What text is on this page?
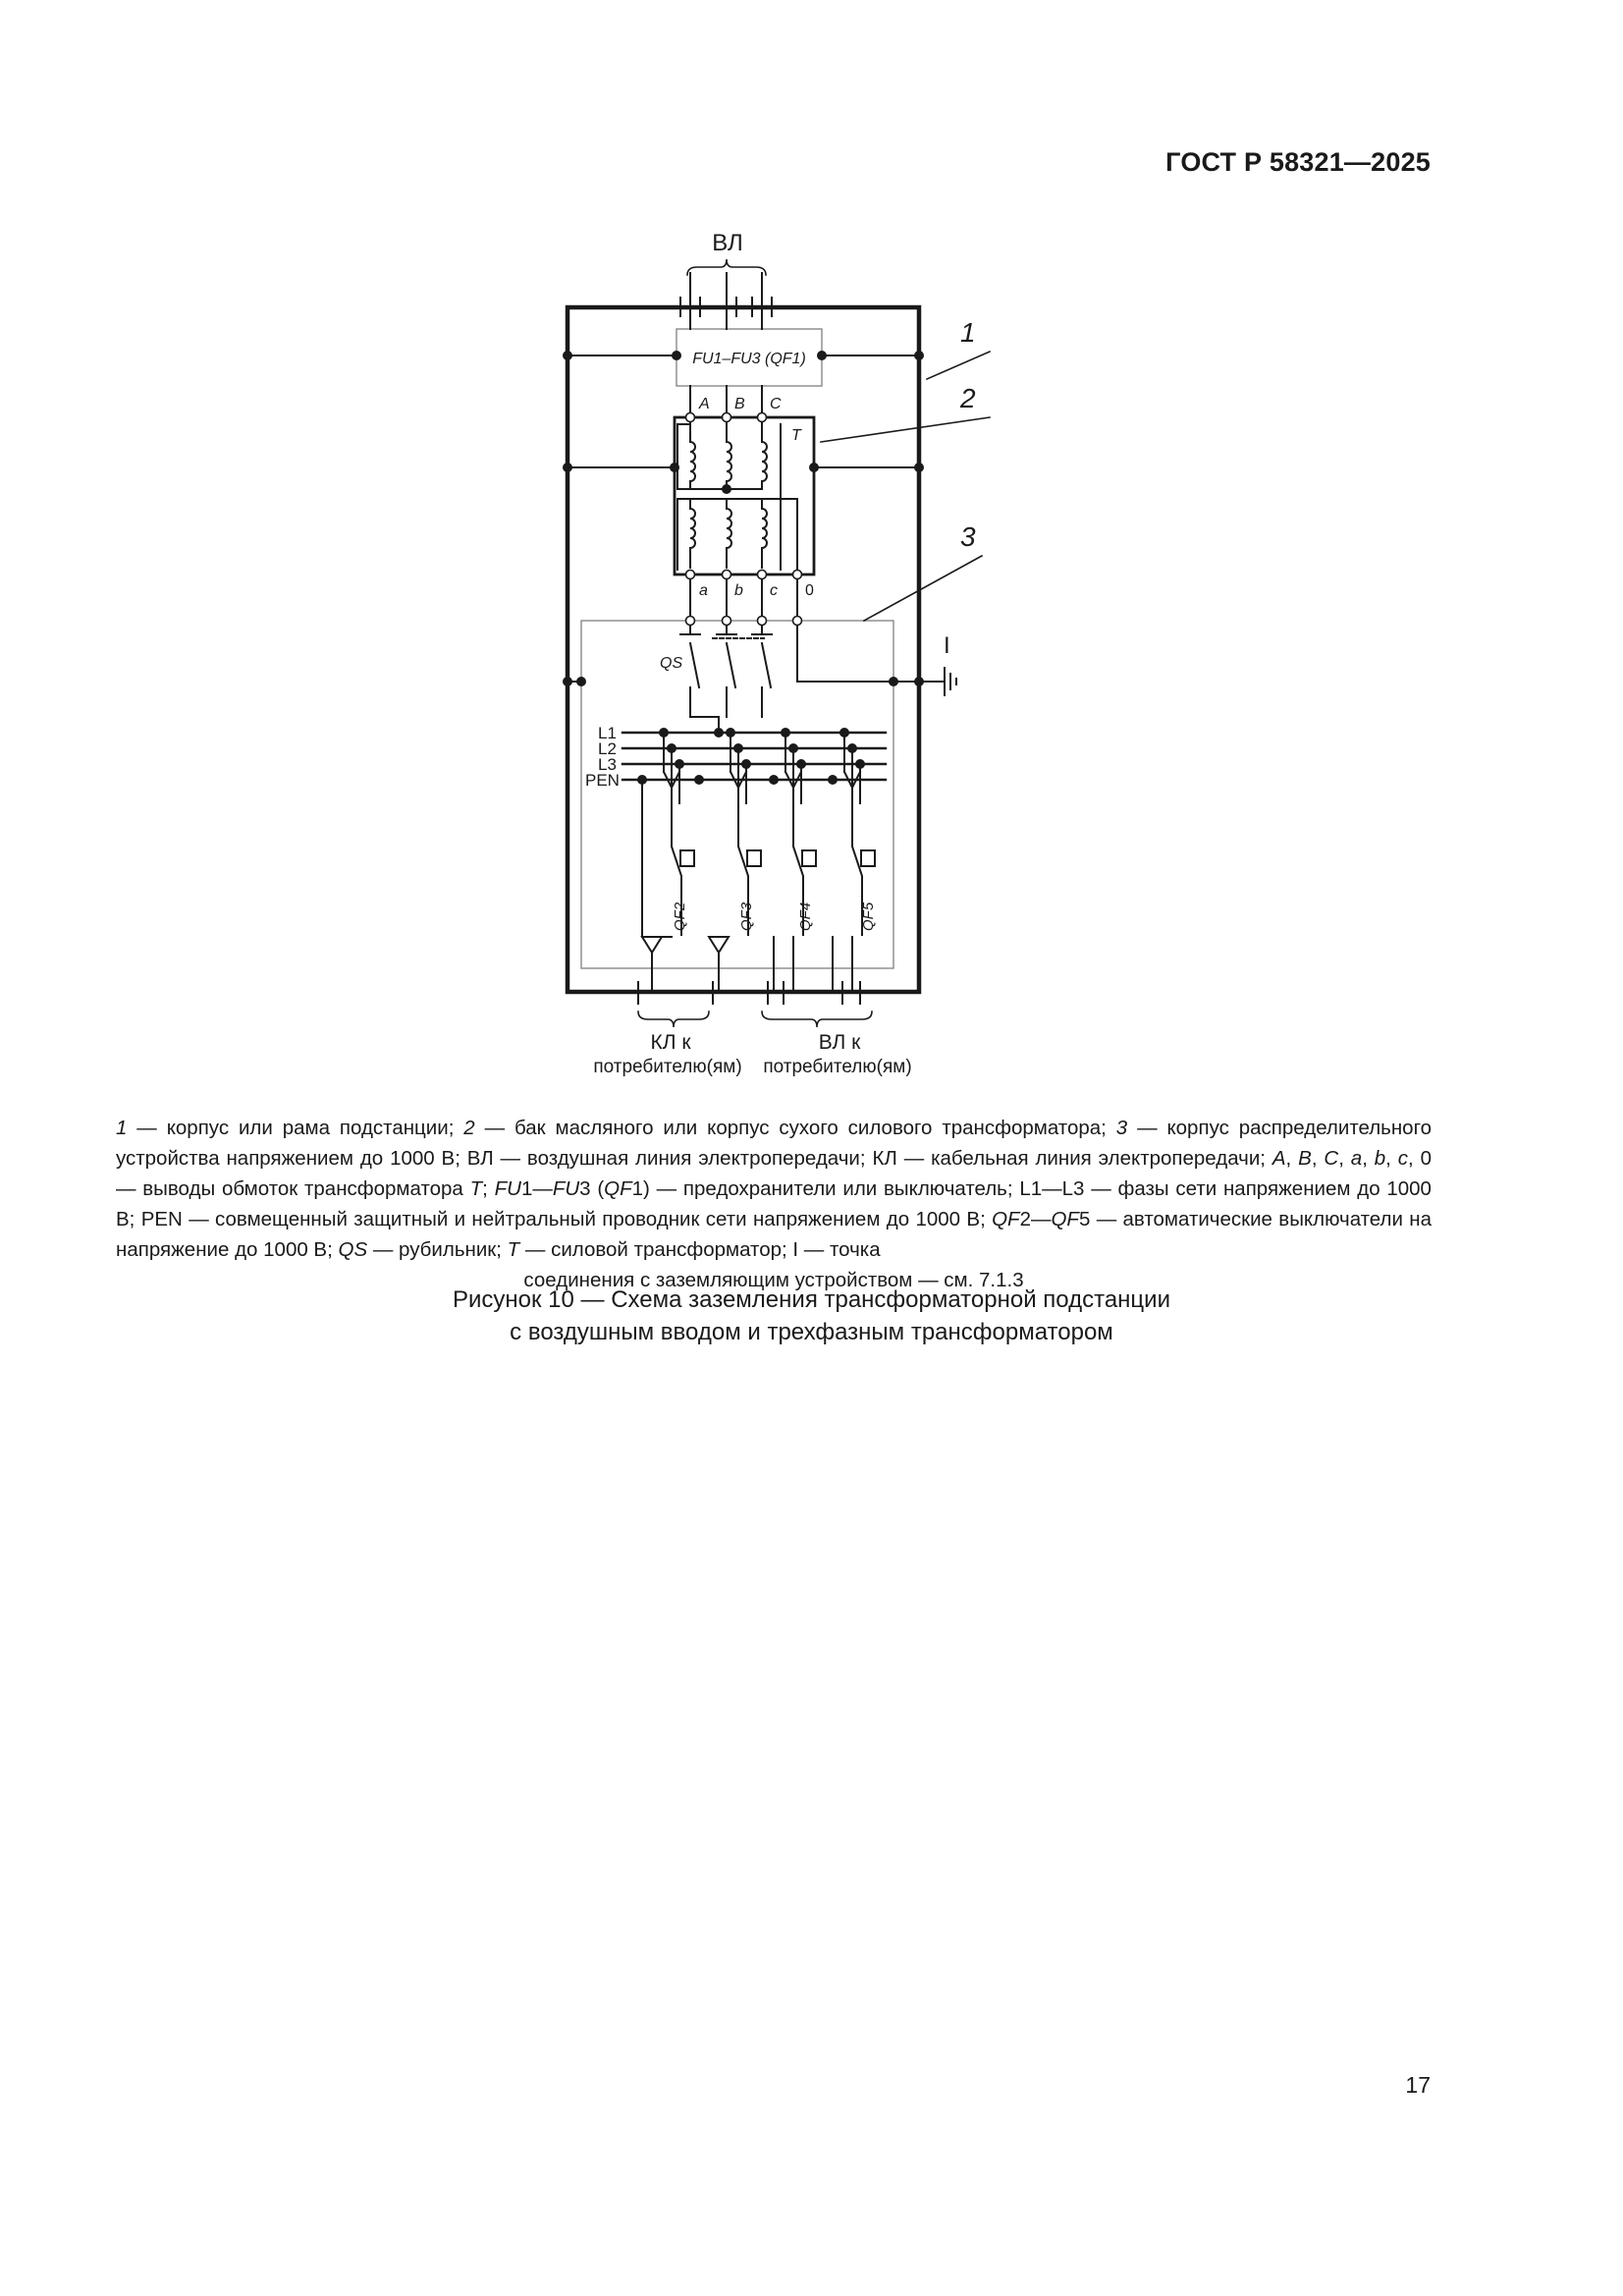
ГОСТ Р 58321—2025
ВЛ
FU1–FU3 (QF1)
1
2
3
A B C
T
a b c 0
QS
I
L1
L2
L3
PEN
QF2	QF3	QF4	QF5
КЛ к
потребителю(ям)
ВЛ к
потребителю(ям)
1 — корпус или рама подстанции; 2 — бак масляного или корпус сухого силового трансформатора; 3 — корпус распределительного устройства напряжением до 1000 В; ВЛ — воздушная линия электропередачи; КЛ — кабельная линия электропередачи; A, B, C, a, b, c, 0 — выводы обмоток трансформатора T; FU1—FU3 (QF1) — предохранители или выключатель; L1—L3 — фазы сети напряжением до 1000 В; PEN — совмещенный защитный и нейтральный проводник сети напряжением до 1000 В; QF2—QF5 — автоматические выключатели на напряжение до 1000 В; QS — рубильник; T — силовой трансформатор; I — точка
соединения с заземляющим устройством — см. 7.1.3
Рисунок 10 — Схема заземления трансформаторной подстанции
с воздушным вводом и трехфазным трансформатором
17
